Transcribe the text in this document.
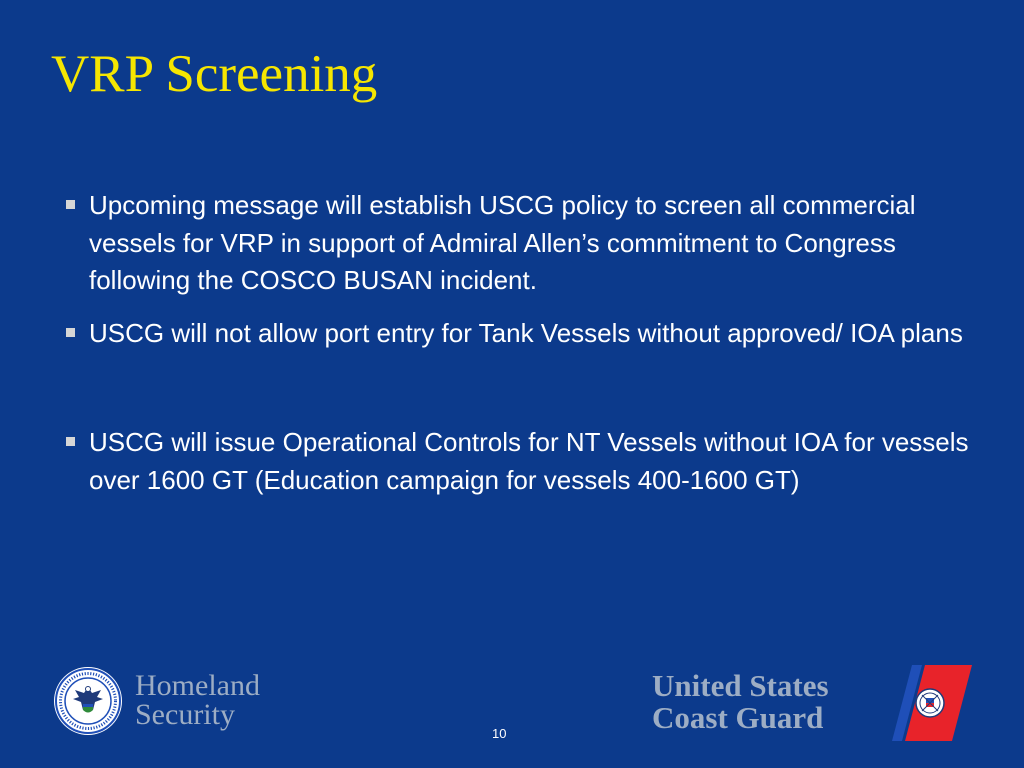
VRP Screening
Upcoming message will establish USCG policy to screen all commercial vessels for VRP in support of Admiral Allen’s commitment to Congress following the COSCO BUSAN incident.
USCG will not allow port entry for Tank Vessels without approved/ IOA plans
USCG will issue Operational Controls for NT Vessels without IOA for vessels over 1600 GT (Education campaign for vessels 400-1600 GT)
Homeland
Security
10
United States
Coast Guard
